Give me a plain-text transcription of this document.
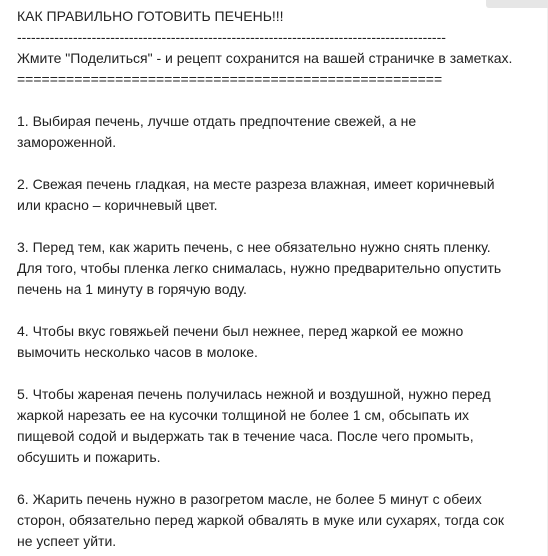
КАК ПРАВИЛЬНО ГОТОВИТЬ ПЕЧЕНЬ!!!
--------------------------------------------------------------------------------------------
Жмите "Поделиться" - и рецепт сохранится на вашей страничке в заметках.
====================================================
1. Выбирая печень, лучше отдать предпочтение свежей, а не
замороженной.
2. Свежая печень гладкая, на месте разреза влажная, имеет коричневый
или красно – коричневый цвет.
3. Перед тем, как жарить печень, с нее обязательно нужно снять пленку.
Для того, чтобы пленка легко снималась, нужно предварительно опустить
печень на 1 минуту в горячую воду.
4. Чтобы вкус говяжьей печени был нежнее, перед жаркой ее можно
вымочить несколько часов в молоке.
5. Чтобы жареная печень получилась нежной и воздушной, нужно перед
жаркой нарезать ее на кусочки толщиной не более 1 см, обсыпать их
пищевой содой и выдержать так в течение часа. После чего промыть,
обсушить и пожарить.
6. Жарить печень нужно в разогретом масле, не более 5 минут с обеих
сторон, обязательно перед жаркой обвалять в муке или сухарях, тогда сок
не успеет уйти.
